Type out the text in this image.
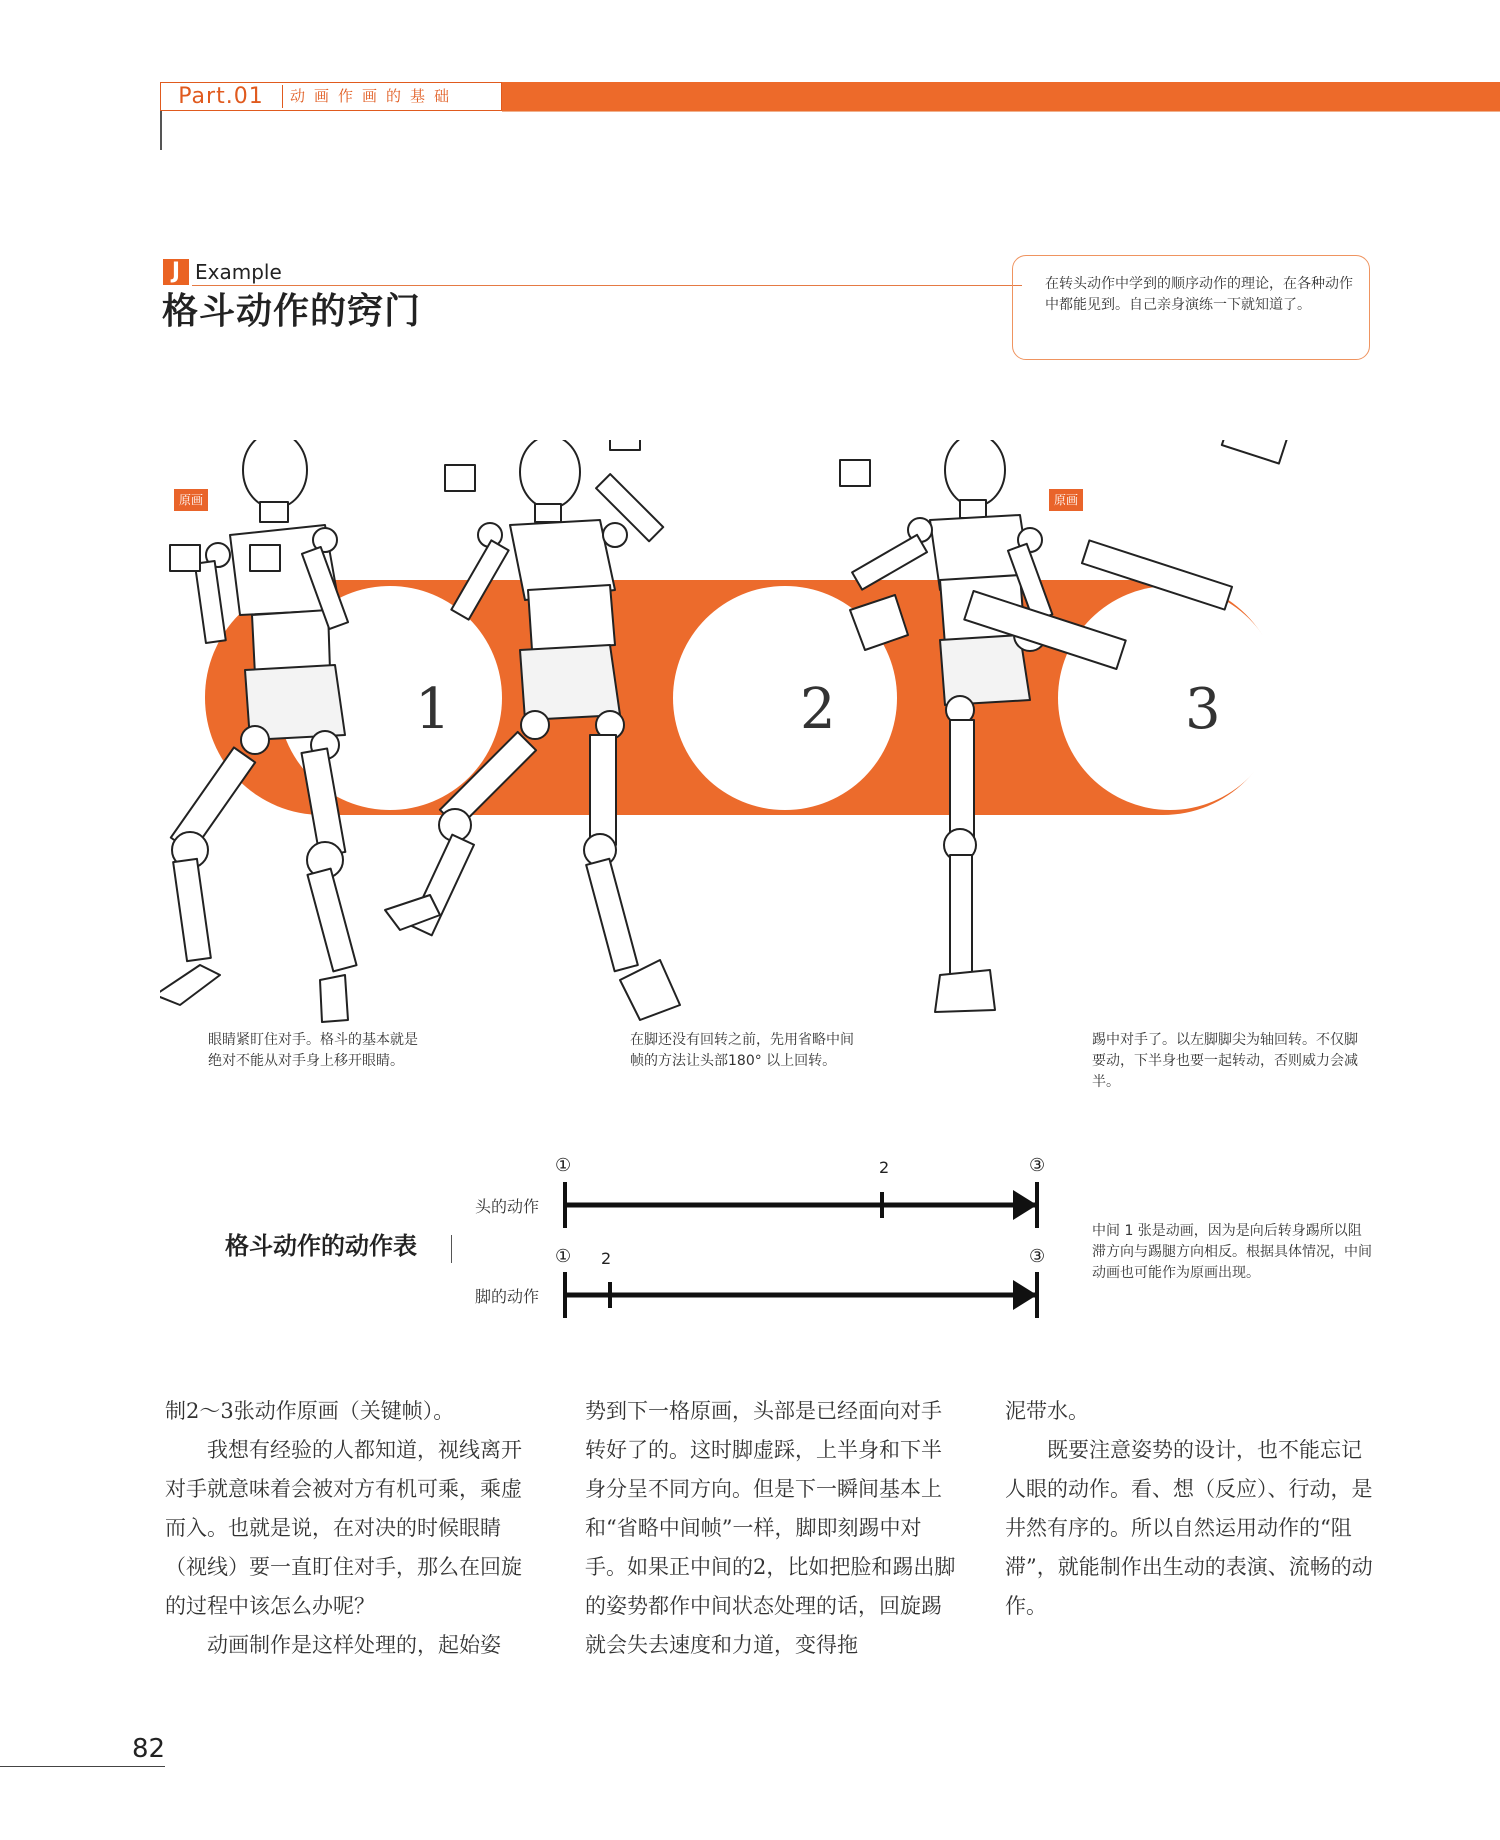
Part.01	动画作画的基础
J Example
格斗动作的窍门
在转头动作中学到的顺序动作的理论，在各种动作中都能见到。自己亲身演练一下就知道了。
1	2	3
原画	原画
眼睛紧盯住对手。格斗的基本就是绝对不能从对手身上移开眼睛。
在脚还没有回转之前，先用省略中间帧的方法让头部180° 以上回转。
踢中对手了。以左脚脚尖为轴回转。不仅脚要动，下半身也要一起转动，否则威力会减半。
格斗动作的动作表
头的动作
脚的动作
①	2	③
① 2	③
中间 1 张是动画，因为是向后转身踢所以阻滞方向与踢腿方向相反。根据具体情况，中间动画也可能作为原画出现。

制2～3张动作原画（关键帧）。

我想有经验的人都知道，视线离开对手就意味着会被对方有机可乘，乘虚而入。也就是说，在对决的时候眼睛（视线）要一直盯住对手，那么在回旋的过程中该怎么办呢？

动画制作是这样处理的，起始姿

势到下一格原画，头部是已经面向对手转好了的。这时脚虚踩，上半身和下半身分呈不同方向。但是下一瞬间基本上和“省略中间帧”一样，脚即刻踢中对手。如果正中间的2，比如把脸和踢出脚的姿势都作中间状态处理的话，回旋踢就会失去速度和力道，变得拖

泥带水。

既要注意姿势的设计，也不能忘记人眼的动作。看、想（反应）、行动，是井然有序的。所以自然运用动作的“阻滞”，就能制作出生动的表演、流畅的动作。

82
